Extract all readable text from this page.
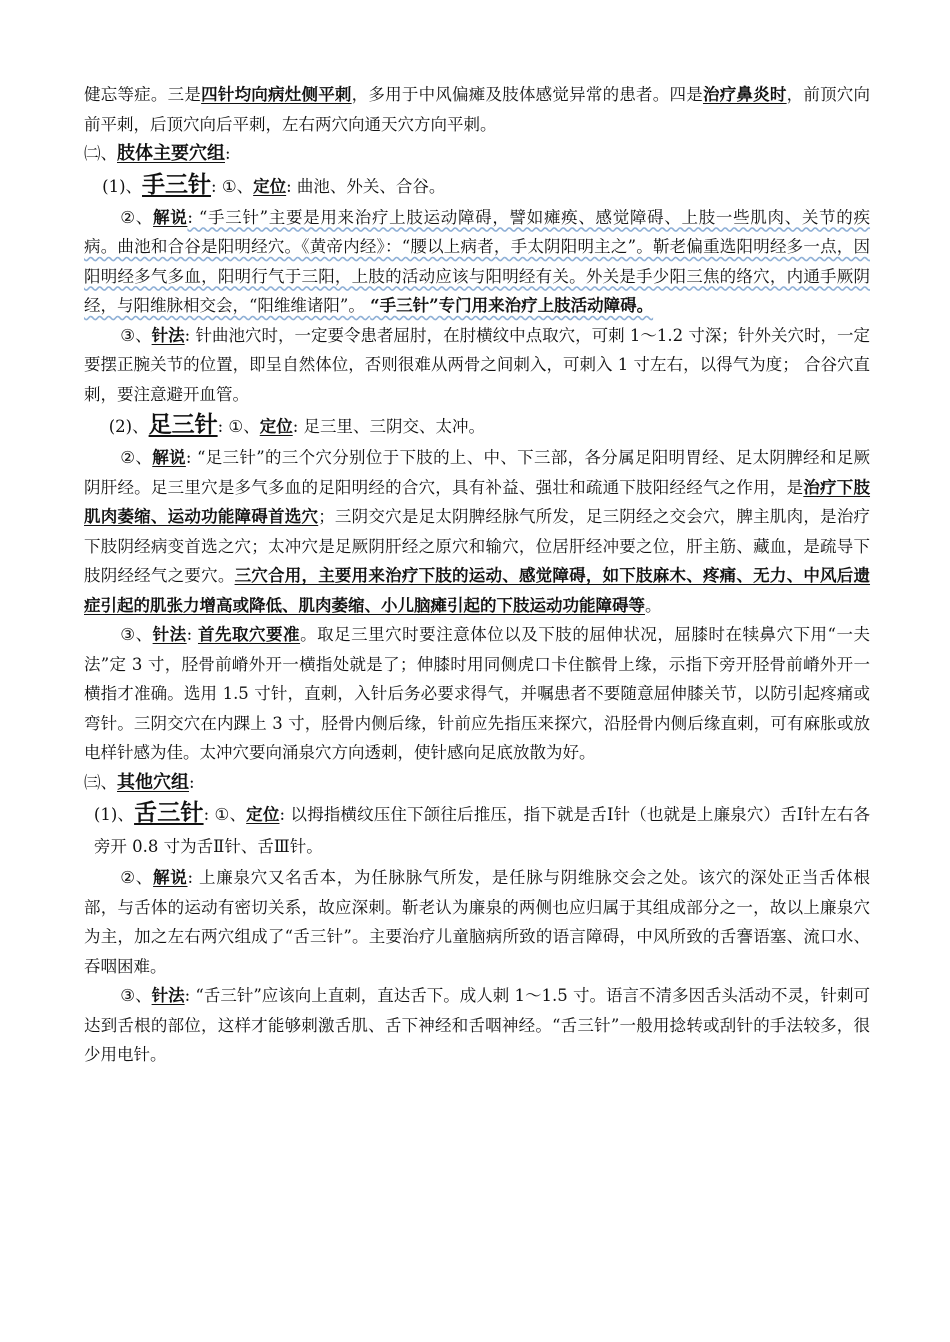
健忘等症。三是四针均向病灶侧平刺，多用于中风偏瘫及肢体感觉异常的患者。四是治疗鼻炎时，前顶穴向前平刺，后顶穴向后平刺，左右两穴向通天穴方向平刺。

㈡、肢体主要穴组:

(1)、手三针: ①、定位: 曲池、外关、合谷。

②、解说: “手三针”主要是用来治疗上肢运动障碍，譬如瘫痪、感觉障碍、上肢一些肌肉、关节的疾病。曲池和合谷是阳明经穴。《黄帝内经》：“腰以上病者，手太阴阳明主之”。靳老偏重选阳明经多一点，因阳明经多气多血，阳明行气于三阳，上肢的活动应该与阳明经有关。外关是手少阳三焦的络穴，内通手厥阴经，与阳维脉相交会，“阳维维诸阳”。 “手三针”专门用来治疗上肢活动障碍。

③、针法: 针曲池穴时，一定要令患者屈肘，在肘横纹中点取穴，可刺 1～1.2 寸深；针外关穴时，一定要摆正腕关节的位置，即呈自然体位，否则很难从两骨之间刺入，可刺入 1 寸左右，以得气为度； 合谷穴直刺，要注意避开血管。

(2)、足三针: ①、定位: 足三里、三阴交、太冲。

②、解说: “足三针”的三个穴分别位于下肢的上、中、下三部，各分属足阳明胃经、足太阴脾经和足厥阴肝经。足三里穴是多气多血的足阳明经的合穴，具有补益、强壮和疏通下肢阳经经气之作用，是治疗下肢肌肉萎缩、运动功能障碍首选穴；三阴交穴是足太阴脾经脉气所发，足三阴经之交会穴，脾主肌肉，是治疗下肢阴经病变首选之穴；太冲穴是足厥阴肝经之原穴和输穴，位居肝经冲要之位，肝主筋、藏血，是疏导下肢阴经经气之要穴。三穴合用，主要用来治疗下肢的运动、感觉障碍，如下肢麻木、疼痛、无力、中风后遗症引起的肌张力增高或降低、肌肉萎缩、小儿脑瘫引起的下肢运动功能障碍等。

③、针法: 首先取穴要准。取足三里穴时要注意体位以及下肢的屈伸状况，屈膝时在犊鼻穴下用“一夫法”定 3 寸，胫骨前嵴外开一横指处就是了；伸膝时用同侧虎口卡住髌骨上缘，示指下旁开胫骨前嵴外开一横指才准确。选用 1.5 寸针，直刺，入针后务必要求得气，并嘱患者不要随意屈伸膝关节，以防引起疼痛或弯针。三阴交穴在内踝上 3 寸，胫骨内侧后缘，针前应先指压来探穴，沿胫骨内侧后缘直刺，可有麻胀或放电样针感为佳。太冲穴要向涌泉穴方向透刺，使针感向足底放散为好。

㈢、其他穴组:

(1)、舌三针: ①、定位: 以拇指横纹压住下颌往后推压，指下就是舌Ⅰ针（也就是上廉泉穴）舌Ⅰ针左右各旁开 0.8 寸为舌Ⅱ针、舌Ⅲ针。

②、解说: 上廉泉穴又名舌本，为任脉脉气所发，是任脉与阴维脉交会之处。该穴的深处正当舌体根部，与舌体的运动有密切关系，故应深刺。靳老认为廉泉的两侧也应归属于其组成部分之一，故以上廉泉穴为主，加之左右两穴组成了“舌三针”。主要治疗儿童脑病所致的语言障碍，中风所致的舌謇语塞、流口水、吞咽困难。

③、针法: “舌三针”应该向上直刺，直达舌下。成人刺 1～1.5 寸。语言不清多因舌头活动不灵，针刺可达到舌根的部位，这样才能够刺激舌肌、舌下神经和舌咽神经。“舌三针”一般用捻转或刮针的手法较多，很少用电针。
